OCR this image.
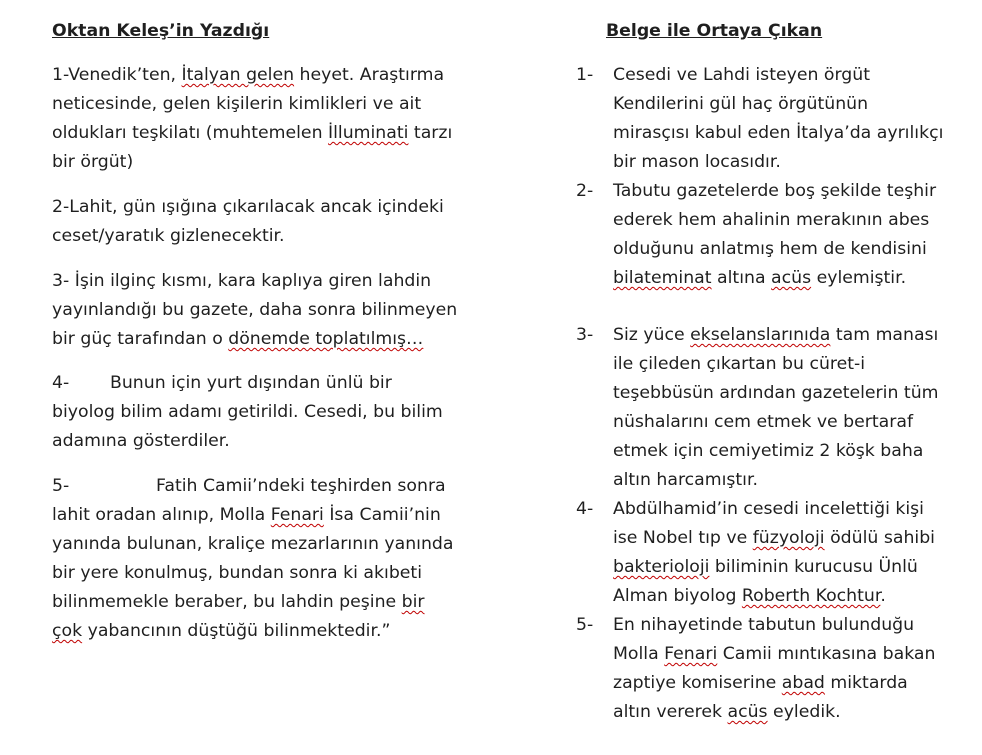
Oktan Keleş’in Yazdığı
1-Venedik’ten, İtalyan gelen heyet. Araştırma
neticesinde, gelen kişilerin kimlikleri ve ait
oldukları teşkilatı (muhtemelen İlluminati tarzı
bir örgüt)
2-Lahit, gün ışığına çıkarılacak ancak içindeki
ceset/yaratık gizlenecektir.
3- İşin ilginç kısmı, kara kaplıya giren lahdin
yayınlandığı bu gazete, daha sonra bilinmeyen
bir güç tarafından o dönemde toplatılmış…
4- Bunun için yurt dışından ünlü bir
biyolog bilim adamı getirildi. Cesedi, bu bilim
adamına gösterdiler.
5-	Fatih Camii’ndeki teşhirden sonra
lahit oradan alınıp, Molla Fenari İsa Camii’nin
yanında bulunan, kraliçe mezarlarının yanında
bir yere konulmuş, bundan sonra ki akıbeti
bilinmemekle beraber, bu lahdin peşine bir
çok yabancının düştüğü bilinmektedir.”
Belge ile Ortaya Çıkan
1-	Cesedi ve Lahdi isteyen örgüt
Kendilerini gül haç örgütünün
mirasçısı kabul eden İtalya’da ayrılıkçı
bir mason locasıdır.
2-	Tabutu gazetelerde boş şekilde teşhir
ederek hem ahalinin merakının abes
olduğunu anlatmış hem de kendisini
bilateminat altına acüs eylemiştir.
3-	Siz yüce ekselanslarınıda tam manası
ile çileden çıkartan bu cüret-i
teşebbüsün ardından gazetelerin tüm
nüshalarını cem etmek ve bertaraf
etmek için cemiyetimiz 2 köşk baha
altın harcamıştır.
4-	Abdülhamid’in cesedi incelettiği kişi
ise Nobel tıp ve füzyoloji ödülü sahibi
bakterioloji biliminin kurucusu Ünlü
Alman biyolog Roberth Kochtur.
5-	En nihayetinde tabutun bulunduğu
Molla Fenari Camii mıntıkasına bakan
zaptiye komiserine abad miktarda
altın vererek acüs eyledik.
